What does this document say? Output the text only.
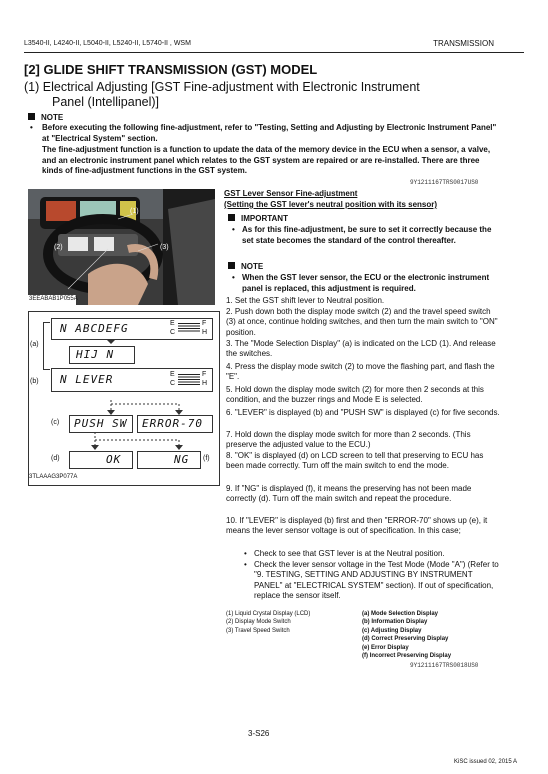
L3540-II, L4240-II, L5040-II, L5240-II, L5740-II , WSM	TRANSMISSION
[2] GLIDE SHIFT TRANSMISSION (GST) MODEL
(1) Electrical Adjusting [GST Fine-adjustment with Electronic Instrument
Panel (Intellipanel)]
NOTE
• Before executing the following fine-adjustment, refer to "Testing, Setting and Adjusting by Electronic Instrument Panel" at "Electrical System" section.
The fine-adjustment function is a function to update the data of the memory device in the ECU when a sensor, a valve, and an electronic instrument panel which relates to the GST system are repaired or are re-installed. There are three kinds of fine-adjustment functions in the GST system.
9Y1211167TRS0017US0
(1)
(2)	(3)
3EEABAB1P055A
(a)
N ABCDEFG	E
C
F
H
HIJ N
(b) N LEVER	E
C
F
H
(c) PUSH SW ERROR-70
(d)	OK	NG (f)
3TLAAAG3P077A
GST Lever Sensor Fine-adjustment
(Setting the GST lever's neutral position with its sensor)
IMPORTANT
• As for this fine-adjustment, be sure to set it correctly because the set state becomes the standard of the control thereafter.
NOTE
• When the GST lever sensor, the ECU or the electronic instrument panel is replaced, this adjustment is required.
1. Set the GST shift lever to Neutral position.
2. Push down both the display mode switch (2) and the travel speed switch (3) at once, continue holding switches, and then turn the main switch to "ON" position.
3. The "Mode Selection Display" (a) is indicated on the LCD (1). And release the switches.
4. Press the display mode switch (2) to move the flashing part, and flash the "E".
5. Hold down the display mode switch (2) for more then 2 seconds at this condition, and the buzzer rings and Mode E is selected.
6. "LEVER" is displayed (b) and "PUSH SW" is displayed (c) for five seconds.
7. Hold down the display mode switch for more than 2 seconds. (This preserve the adjusted value to the ECU.)
8. "OK" is displayed (d) on LCD screen to tell that preserving to ECU has been made correctly. Turn off the main switch to end the mode.
9. If "NG" is displayed (f), it means the preserving has not been made correctly (d). Turn off the main switch and repeat the procedure.
10. If "LEVER" is displayed (b) first and then "ERROR-70" shows up (e), it means the lever sensor voltage is out of specification. In this case;
• Check to see that GST lever is at the Neutral position.
• Check the lever sensor voltage in the Test Mode (Mode "A") (Refer to "9. TESTING, SETTING AND ADJUSTING BY INSTRUMENT PANEL" at "ELECTRICAL SYSTEM" section). If out of specification, replace the sensor itself.
(1) Liquid Crystal Display (LCD)
(2) Display Mode Switch
(3) Travel Speed Switch
(a) Mode Selection Display
(b) Information Display
(c) Adjusting Display
(d) Correct Preserving Display
(e) Error Display
(f) Incorrect Preserving Display
9Y1211167TRS0018US0
3-S26
KiSC issued 02, 2015 A
